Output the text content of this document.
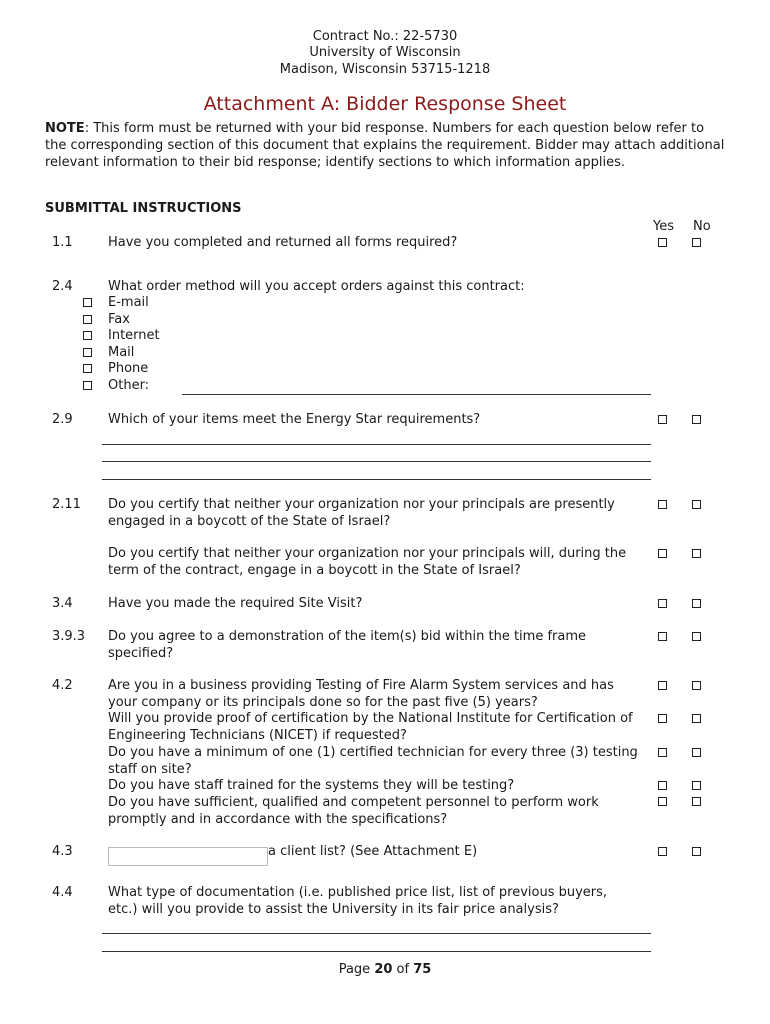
Contract No.: 22-5730
University of Wisconsin
Madison, Wisconsin 53715-1218
Attachment A: Bidder Response Sheet
NOTE: This form must be returned with your bid response. Numbers for each question below refer to the corresponding section of this document that explains the requirement. Bidder may attach additional relevant information to their bid response; identify sections to which information applies.
SUBMITTAL INSTRUCTIONS
Yes No
1.1	Have you completed and returned all forms required?
2.4	What order method will you accept orders against this contract:
E-mail
Fax
Internet
Mail
Phone
Other:
2.9	Which of your items meet the Energy Star requirements?
2.11 Do you certify that neither your organization nor your principals are presently engaged in a boycott of the State of Israel?
Do you certify that neither your organization nor your principals will, during the term of the contract, engage in a boycott in the State of Israel?
3.4	Have you made the required Site Visit?
3.9.3 Do you agree to a demonstration of the item(s) bid within the time frame specified?
4.2	Are you in a business providing Testing of Fire Alarm System services and has your company or its principals done so for the past five (5) years?
Will you provide proof of certification by the National Institute for Certification of Engineering Technicians (NICET) if requested?
Do you have a minimum of one (1) certified technician for every three (3) testing staff on site?
Do you have staff trained for the systems they will be testing?
Do you have sufficient, qualified and competent personnel to perform work promptly and in accordance with the specifications?
4.3	a client list? (See Attachment E)
4.4	What type of documentation (i.e. published price list, list of previous buyers, etc.) will you provide to assist the University in its fair price analysis?
Page 20 of 75
